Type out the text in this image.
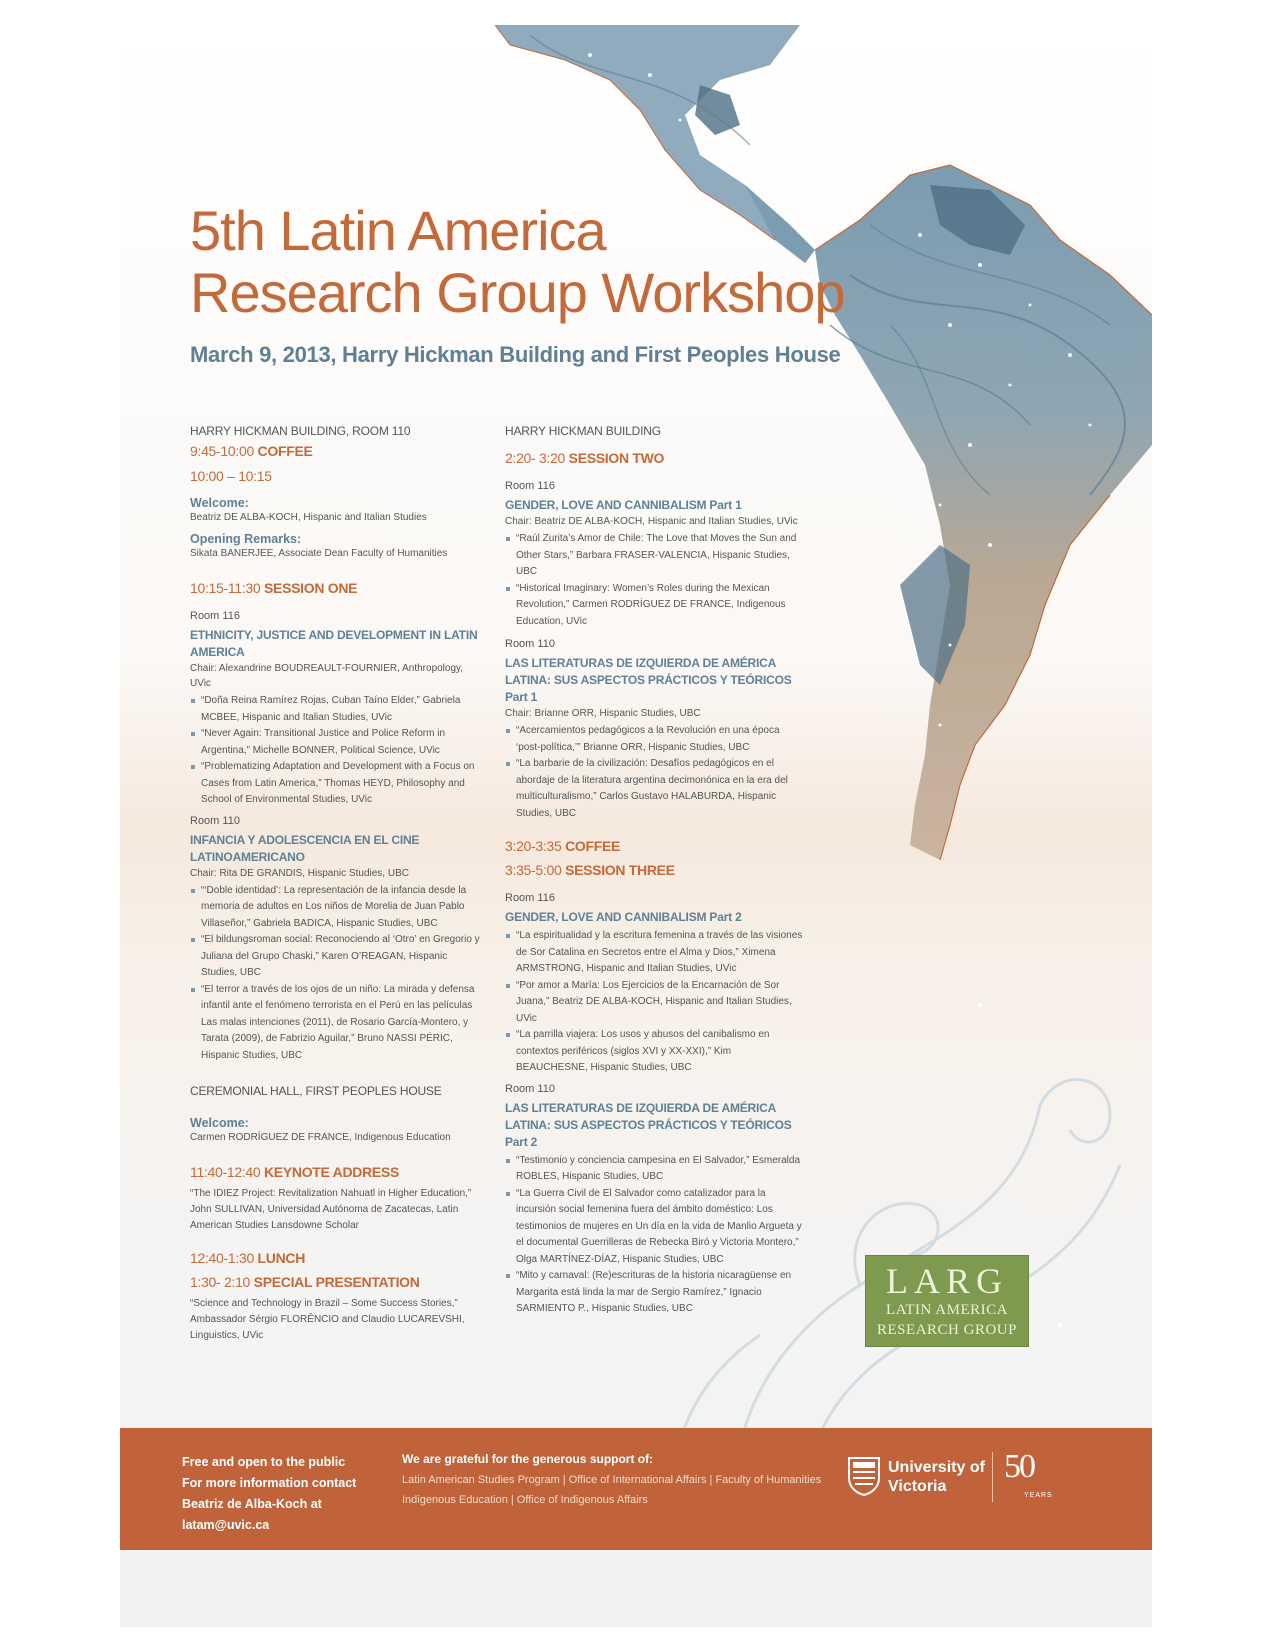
LARG
LATIN AMERICA
RESEARCH GROUP
5th Latin America
Research Group Workshop
March 9, 2013, Harry Hickman Building and First Peoples House
HARRY HICKMAN BUILDING, ROOM 110
9:45-10:00 COFFEE
10:00 – 10:15
Welcome:
Beatriz DE ALBA-KOCH, Hispanic and Italian Studies
Opening Remarks:
Sikata BANERJEE, Associate Dean Faculty of Humanities
10:15-11:30 SESSION ONE
Room 116
ETHNICITY, JUSTICE AND DEVELOPMENT IN LATIN AMERICA
Chair: Alexandrine BOUDREAULT-FOURNIER, Anthropology, UVic
“Doña Reina Ramírez Rojas, Cuban Taíno Elder,” Gabriela MCBEE, Hispanic and Italian Studies, UVic
“Never Again: Transitional Justice and Police Reform in Argentina,” Michelle BONNER, Political Science, UVic
“Problematizing Adaptation and Development with a Focus on Cases from Latin America,” Thomas HEYD, Philosophy and School of Environmental Studies, UVic
Room 110
INFANCIA Y ADOLESCENCIA EN EL CINE LATINOAMERICANO
Chair: Rita DE GRANDIS, Hispanic Studies, UBC
“‘Doble identidad’: La representación de la infancia desde la memoria de adultos en Los niños de Morelia de Juan Pablo Villaseñor,” Gabriela BADICA, Hispanic Studies, UBC
“El bildungsroman social: Reconociendo al ‘Otro’ en Gregorio y Juliana del Grupo Chaski,” Karen O’REAGAN, Hispanic Studies, UBC
“El terror a través de los ojos de un niño: La mirada y defensa infantil ante el fenómeno terrorista en el Perú en las películas Las malas intenciones (2011), de Rosario García-Montero, y Tarata (2009), de Fabrizio Aguilar,” Bruno NASSI PÉRIC, Hispanic Studies, UBC
CEREMONIAL HALL, FIRST PEOPLES HOUSE
Welcome:
Carmen RODRÍGUEZ DE FRANCE, Indigenous Education
11:40-12:40 KEYNOTE ADDRESS
“The IDIEZ Project: Revitalization Nahuatl in Higher Education,” John SULLIVAN, Universidad Autónoma de Zacatecas, Latin American Studies Lansdowne Scholar
12:40-1:30 LUNCH
1:30- 2:10 SPECIAL PRESENTATION
“Science and Technology in Brazil – Some Success Stories,” Ambassador Sérgio FLORÊNCIO and Claudio LUCAREVSHI, Linguistics, UVic
HARRY HICKMAN BUILDING
2:20- 3:20 SESSION TWO
Room 116
GENDER, LOVE AND CANNIBALISM Part 1
Chair: Beatriz DE ALBA-KOCH, Hispanic and Italian Studies, UVic
“Raúl Zurita’s Amor de Chile: The Love that Moves the Sun and Other Stars,” Barbara FRASER-VALENCIA, Hispanic Studies, UBC
“Historical Imaginary: Women’s Roles during the Mexican Revolution,” Carmen RODRÍGUEZ DE FRANCE, Indigenous Education, UVic
Room 110
LAS LITERATURAS DE IZQUIERDA DE AMÉRICA LATINA: SUS ASPECTOS PRÁCTICOS Y TEÓRICOS Part 1
Chair: Brianne ORR, Hispanic Studies, UBC
“Acercamientos pedagógicos a la Revolución en una época ‘post-política,’” Brianne ORR, Hispanic Studies, UBC
“La barbarie de la civilización: Desafíos pedagógicos en el abordaje de la literatura argentina decimonónica en la era del multiculturalismo,” Carlos Gustavo HALABURDA, Hispanic Studies, UBC
3:20-3:35 COFFEE
3:35-5:00 SESSION THREE
Room 116
GENDER, LOVE AND CANNIBALISM Part 2
“La espiritualidad y la escritura femenina a través de las visiones de Sor Catalina en Secretos entre el Alma y Dios,” Ximena ARMSTRONG, Hispanic and Italian Studies, UVic
“Por amor a María: Los Ejercicios de la Encarnación de Sor Juana,” Beatriz DE ALBA-KOCH, Hispanic and Italian Studies, UVic
“La parrilla viajera: Los usos y abusos del canibalismo en contextos periféricos (siglos XVI y XX-XXI),” Kim BEAUCHESNE, Hispanic Studies, UBC
Room 110
LAS LITERATURAS DE IZQUIERDA DE AMÉRICA LATINA: SUS ASPECTOS PRÁCTICOS Y TEÓRICOS Part 2
“Testimonio y conciencia campesina en El Salvador,” Esmeralda ROBLES, Hispanic Studies, UBC
“La Guerra Civil de El Salvador como catalizador para la incursión social femenina fuera del ámbito doméstico: Los testimonios de mujeres en Un día en la vida de Manlio Argueta y el documental Guerrilleras de Rebecka Biró y Victoria Montero,” Olga MARTÍNEZ-DÍAZ, Hispanic Studies, UBC
“Mito y carnaval: (Re)escrituras de la historia nicaragüense en Margarita está linda la mar de Sergio Ramírez,” Ignacio SARMIENTO P., Hispanic Studies, UBC
Free and open to the public
For more information contact Beatriz de Alba-Koch at latam@uvic.ca
We are grateful for the generous support of:
Latin American Studies Program | Office of International Affairs | Faculty of Humanities
Indigenous Education | Office of Indigenous Affairs
University of Victoria
50
YEARS
